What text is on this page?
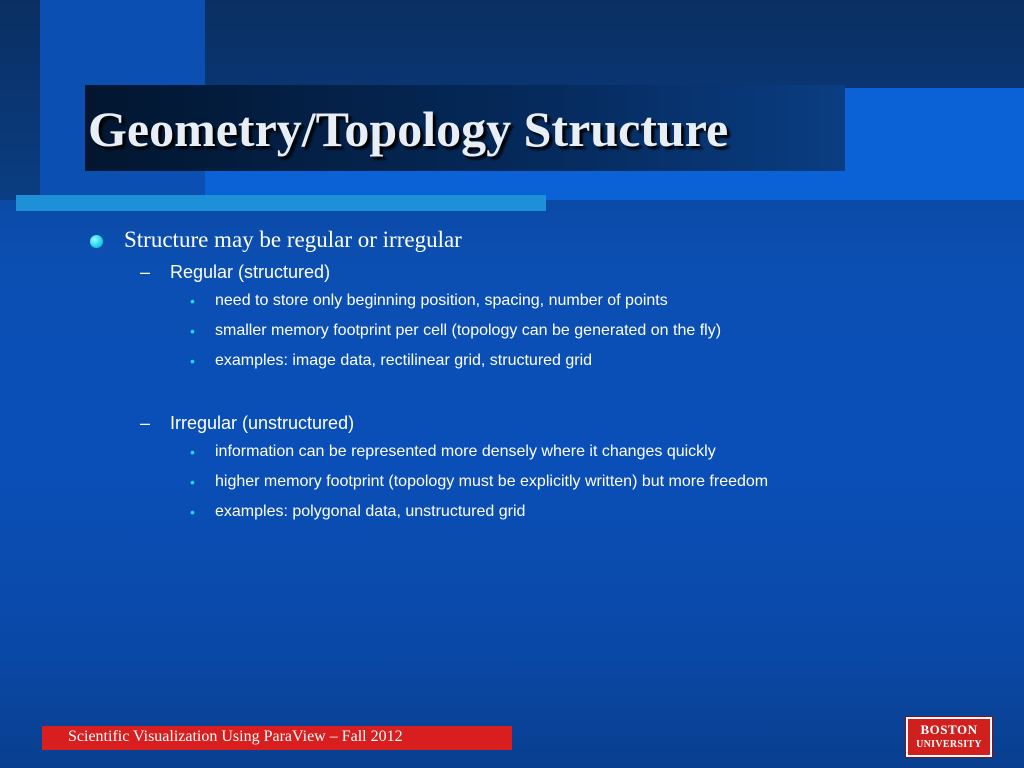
Geometry/Topology Structure
Structure may be regular or irregular
– Regular (structured)
• need to store only beginning position, spacing, number of points
• smaller memory footprint per cell (topology can be generated on the fly)
• examples: image data, rectilinear grid, structured grid
– Irregular (unstructured)
• information can be represented more densely where it changes quickly
• higher memory footprint (topology must be explicitly written) but more freedom
• examples: polygonal data, unstructured grid
Scientific Visualization Using ParaView – Fall 2012	BOSTON
UNIVERSITY
